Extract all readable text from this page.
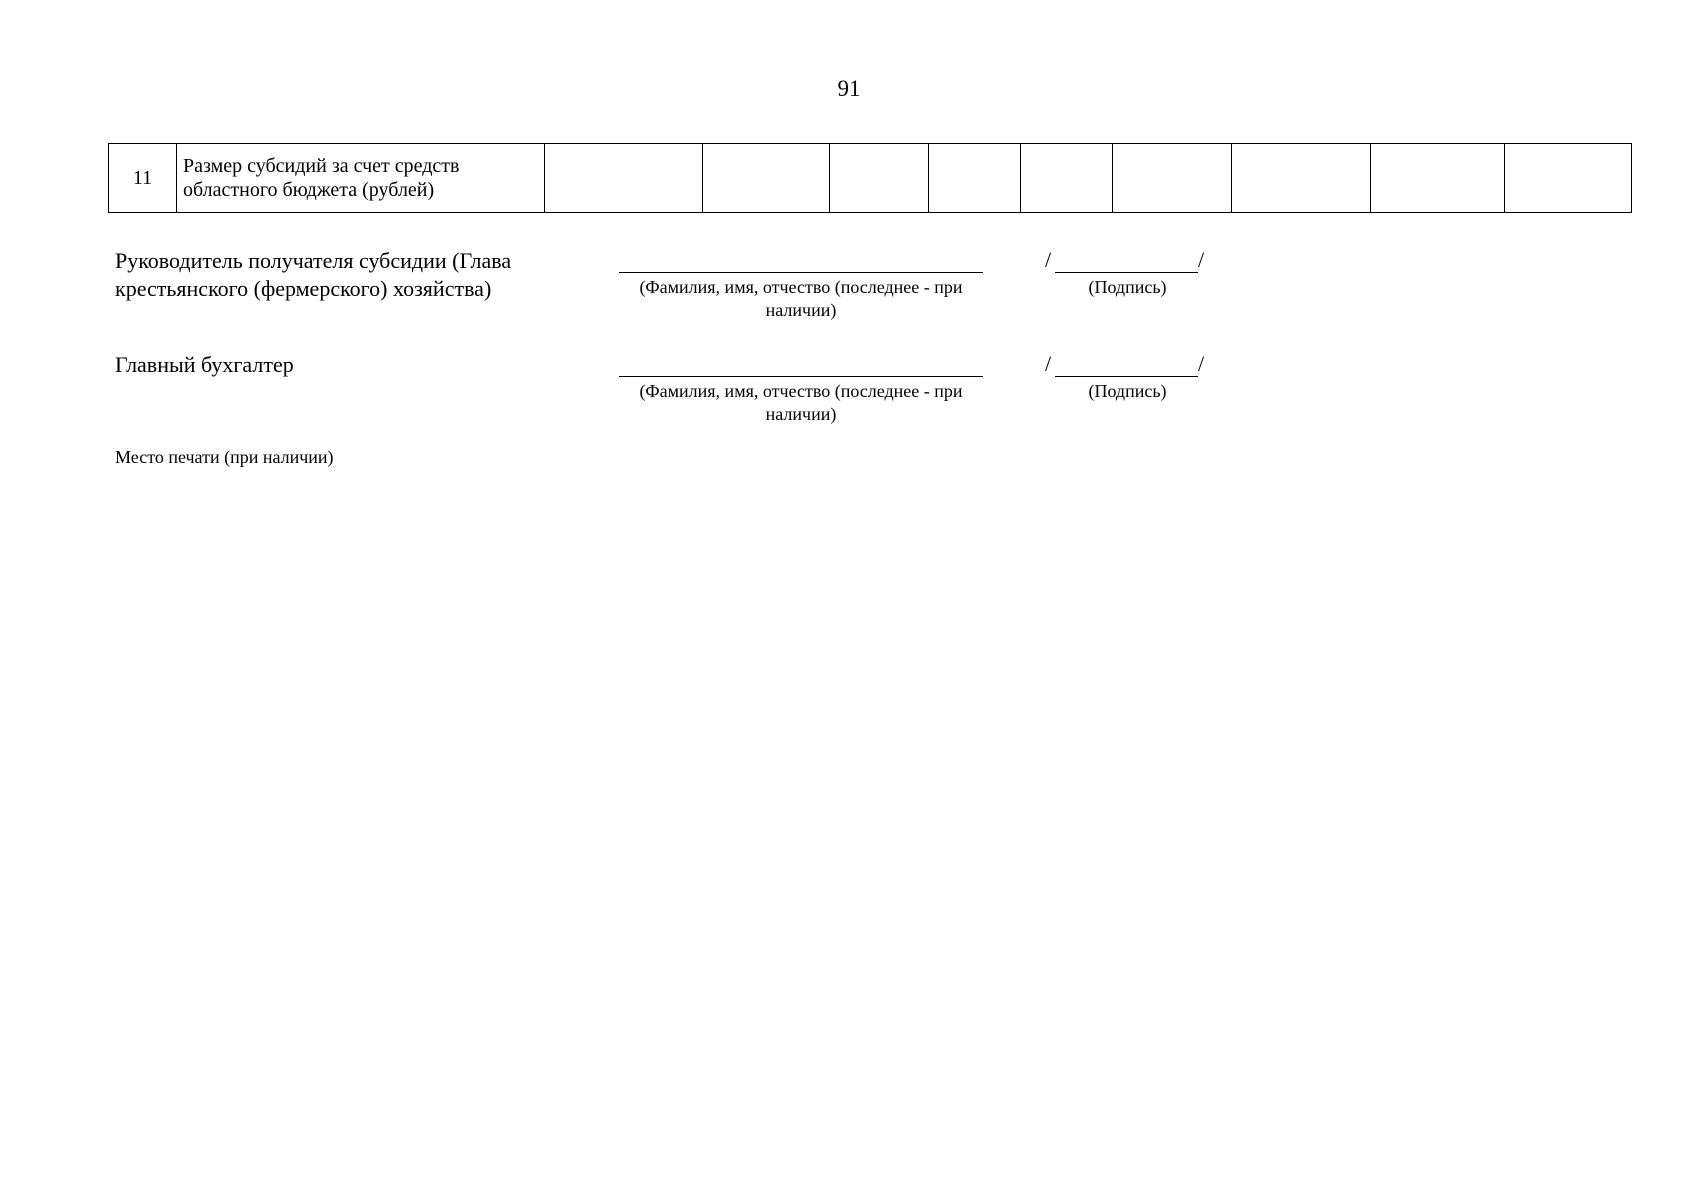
91
11	Размер субсидий за счет средств областного бюджета (рублей)									
Руководитель получателя субсидии (Глава крестьянского (фермерского) хозяйства)	(Фамилия, имя, отчество (последнее - при наличии)
/	/
(Подпись)
Главный бухгалтер
(Фамилия, имя, отчество (последнее - при наличии)
/	/
(Подпись)
Место печати (при наличии)
